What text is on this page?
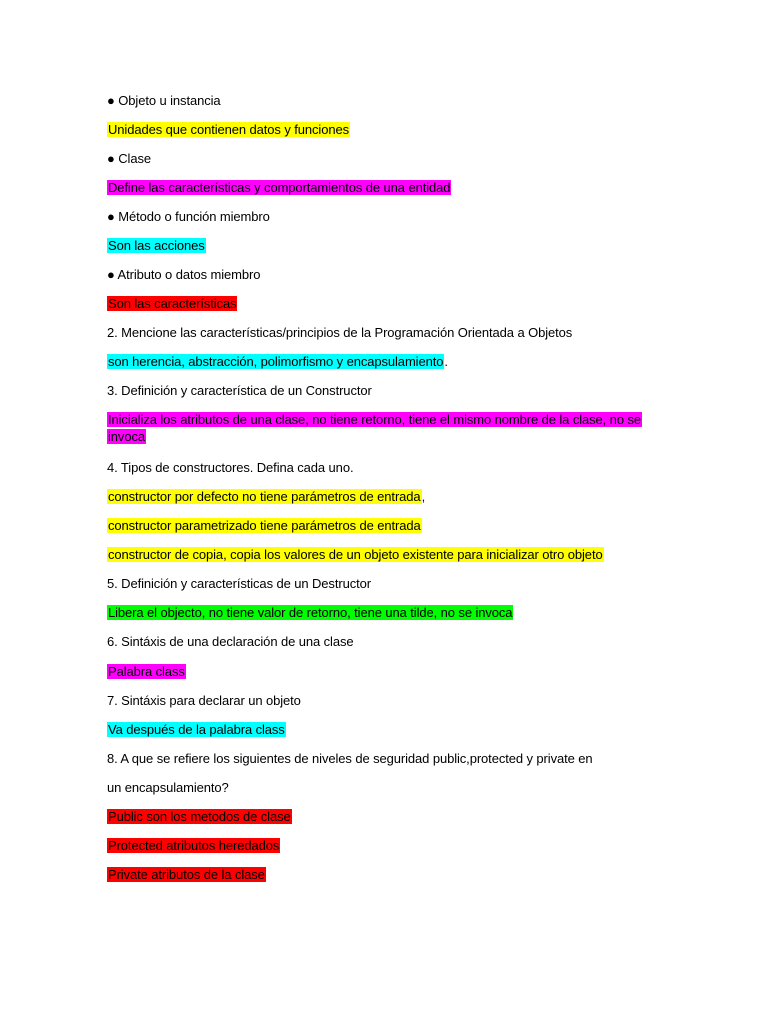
● Objeto u instancia
Unidades que contienen datos y funciones
● Clase
Define las características y comportamientos de una entidad
● Método o función miembro
Son las acciones
● Atributo o datos miembro
Son las características
2. Mencione las características/principios de la Programación Orientada a Objetos
son herencia, abstracción, polimorfismo y encapsulamiento.
3. Definición y característica de un Constructor
Inicializa los atributos de una clase, no tiene retorno, tiene el mismo nombre de la clase, no se invoca
4. Tipos de constructores. Defina cada uno.
constructor por defecto no tiene parámetros de entrada,
constructor parametrizado tiene parámetros de entrada
constructor de copia, copia los valores de un objeto existente para inicializar otro objeto
5. Definición y características de un Destructor
Libera el objecto, no tiene valor de retorno, tiene una tilde, no se invoca
6. Sintáxis de una declaración de una clase
Palabra class
7. Sintáxis para declarar un objeto
Va después de la palabra class
8. A que se refiere los siguientes de niveles de seguridad public,protected y private en
un encapsulamiento?
Public son los metodos de clase
Protected atributos heredados
Private atributos de la clase
